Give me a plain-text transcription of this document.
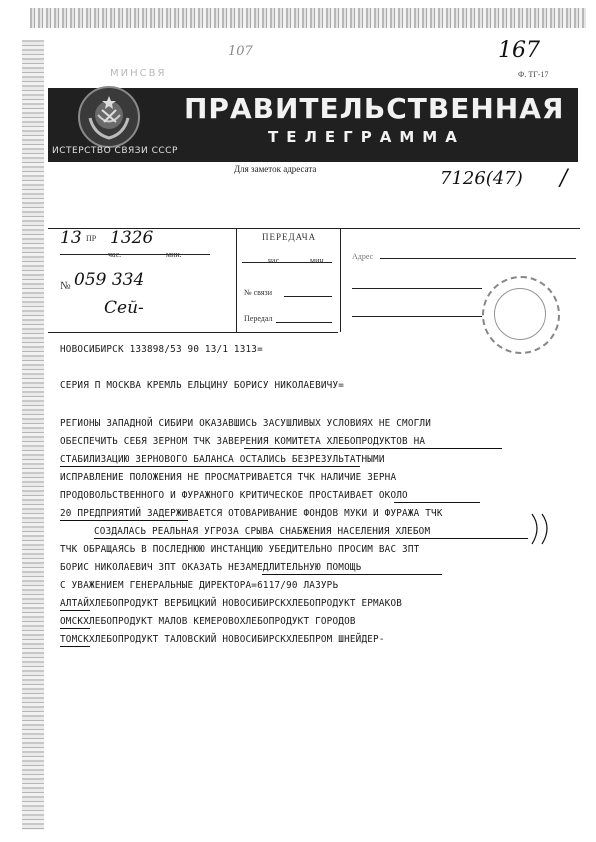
МИНСВЯ
107	167
Ф. ТГ-17
ПРАВИТЕЛЬСТВЕННАЯ
ТЕЛЕГРАММА
ИСТЕРСТВО СВЯЗИ СССР
Для заметок адресата	7126(47) /
13 ПР 1326
час.	мин.
№ 059 334
Сей-
ПЕРЕДАЧА
час.	мин.
№ связи
Передал
Адрес
НОВОСИБИРСК 133898/53 90 13/1 1313=
СЕРИЯ П МОСКВА КРЕМЛЬ ЕЛЬЦИНУ БОРИСУ НИКОЛАЕВИЧУ=
РЕГИОНЫ ЗАПАДНОЙ СИБИРИ ОКАЗАВШИСЬ ЗАСУШЛИВЫХ УСЛОВИЯХ НЕ СМОГЛИ
ОБЕСПЕЧИТЬ СЕБЯ ЗЕРНОМ ТЧК ЗАВЕРЕНИЯ КОМИТЕТА ХЛЕБОПРОДУКТОВ НА
СТАБИЛИЗАЦИЮ ЗЕРНОВОГО БАЛАНСА ОСТАЛИСЬ БЕЗРЕЗУЛЬТАТНЫМИ
ИСПРАВЛЕНИЕ ПОЛОЖЕНИЯ НЕ ПРОСМАТРИВАЕТСЯ ТЧК НАЛИЧИЕ ЗЕРНА
ПРОДОВОЛЬСТВЕННОГО И ФУРАЖНОГО КРИТИЧЕСКОЕ ПРОСТАИВАЕТ ОКОЛО
20 ПРЕДПРИЯТИЙ ЗАДЕРЖИВАЕТСЯ ОТОВАРИВАНИЕ ФОНДОВ МУКИ И ФУРАЖА ТЧК
СОЗДАЛАСЬ РЕАЛЬНАЯ УГРОЗА СРЫВА СНАБЖЕНИЯ НАСЕЛЕНИЯ ХЛЕБОМ
ТЧК ОБРАЩАЯСЬ В ПОСЛЕДНЮЮ ИНСТАНЦИЮ УБЕДИТЕЛЬНО ПРОСИМ ВАС ЗПТ
БОРИС НИКОЛАЕВИЧ ЗПТ ОКАЗАТЬ НЕЗАМЕДЛИТЕЛЬНУЮ ПОМОЩЬ
С УВАЖЕНИЕМ ГЕНЕРАЛЬНЫЕ ДИРЕКТОРА=6117/90 ЛАЗУРЬ
АЛТАЙХЛЕБОПРОДУКТ ВЕРБИЦКИЙ НОВОСИБИРСКХЛЕБОПРОДУКТ ЕРМАКОВ
ОМСКХЛЕБОПРОДУКТ МАЛОВ КЕМЕРОВОХЛЕБОПРОДУКТ ГОРОДОВ
ТОМСКХЛЕБОПРОДУКТ ТАЛОВСКИЙ НОВОСИБИРСКХЛЕБПРОМ ШНЕЙДЕР-
